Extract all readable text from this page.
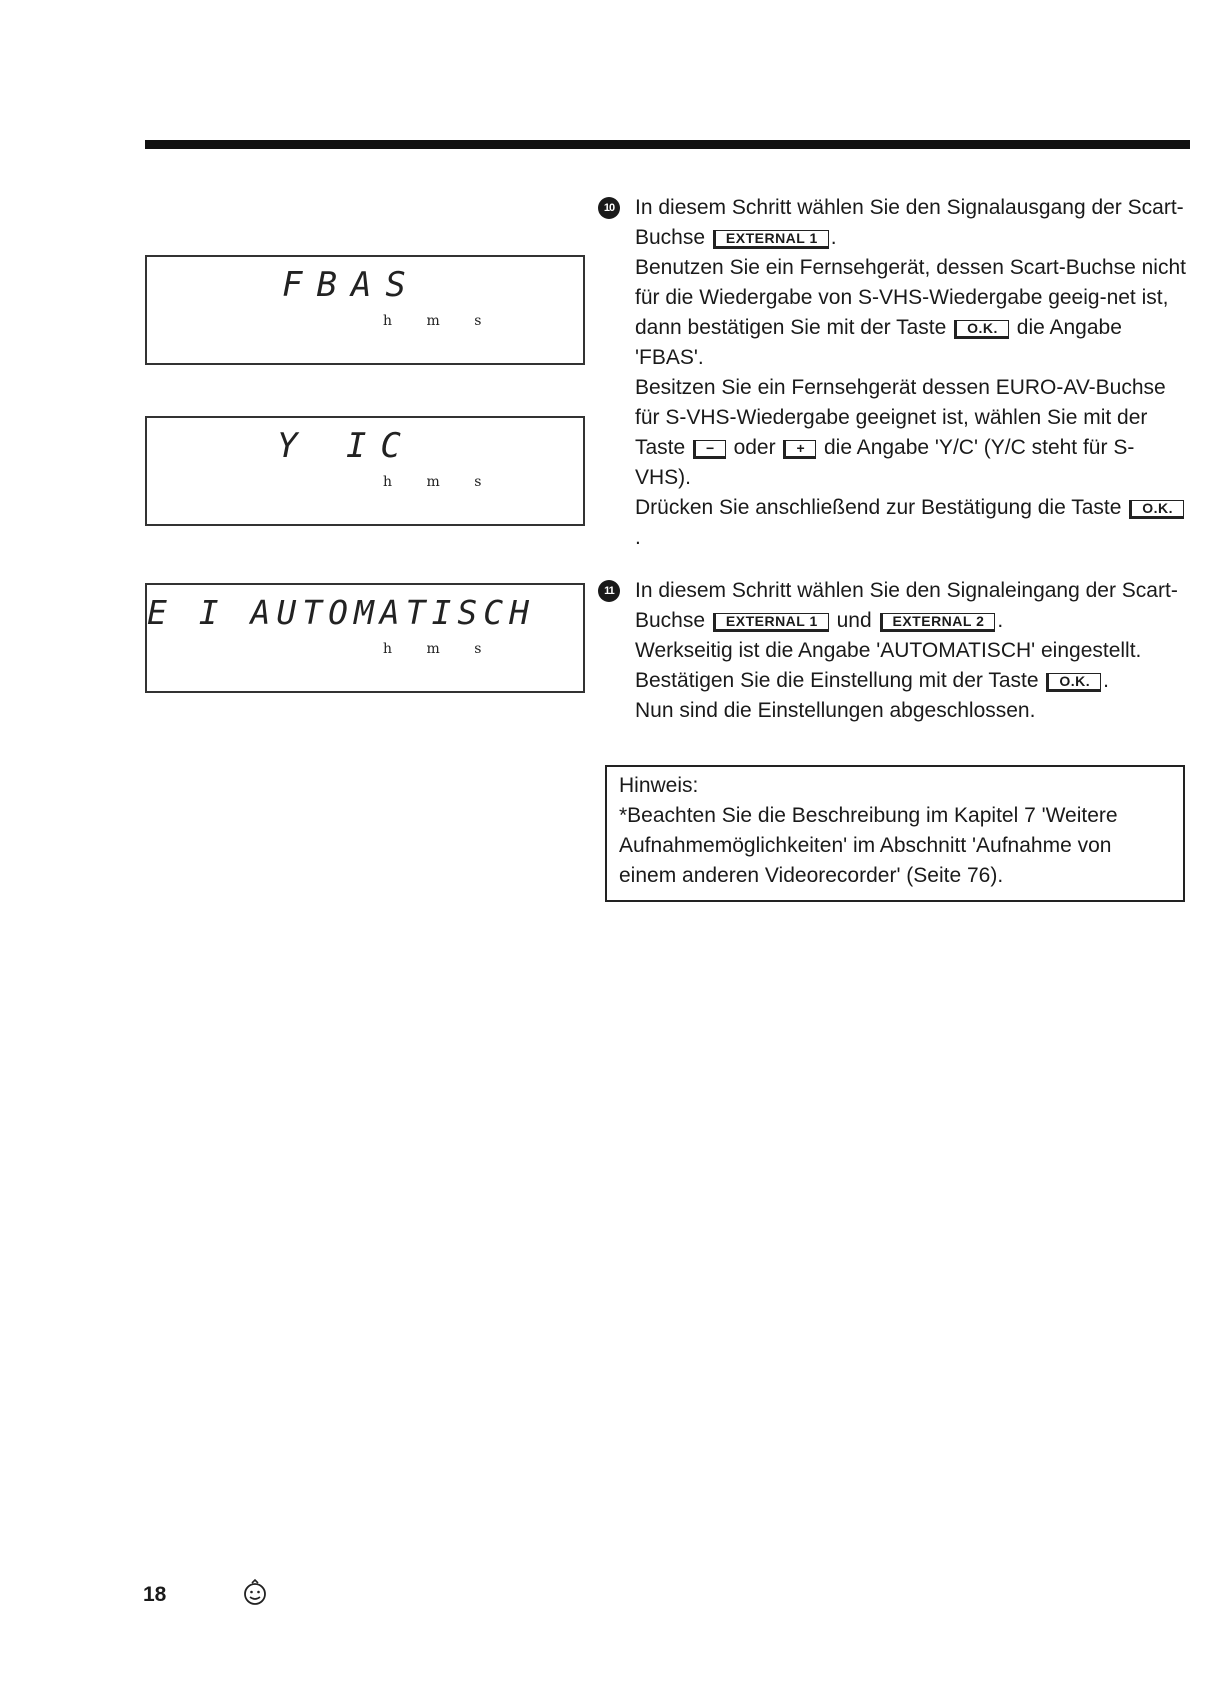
FBAS
h m s
Y IC
h m s
E I AUTOMATISCH
h m s
10 In diesem Schritt wählen Sie den Signalausgang der Scart-Buchse EXTERNAL 1 .

Benutzen Sie ein Fernsehgerät, dessen Scart-Buchse nicht für die Wiedergabe von S-VHS-Wiedergabe geeig-net ist, dann bestätigen Sie mit der Taste O.K. die Angabe 'FBAS'.

Besitzen Sie ein Fernsehgerät dessen EURO-AV-Buchse für S-VHS-Wiedergabe geeignet ist, wählen Sie mit der Taste − oder + die Angabe 'Y/C' (Y/C steht für S-VHS).

Drücken Sie anschließend zur Bestätigung die Taste O.K..

11 In diesem Schritt wählen Sie den Signaleingang der Scart-Buchse EXTERNAL 1 und EXTERNAL 2 .

Werkseitig ist die Angabe 'AUTOMATISCH' eingestellt.

Bestätigen Sie die Einstellung mit der Taste O.K. .

Nun sind die Einstellungen abgeschlossen.

Hinweis:

*Beachten Sie die Beschreibung im Kapitel 7 'Weitere Aufnahmemöglichkeiten' im Abschnitt 'Aufnahme von einem anderen Videorecorder' (Seite 76).

18
